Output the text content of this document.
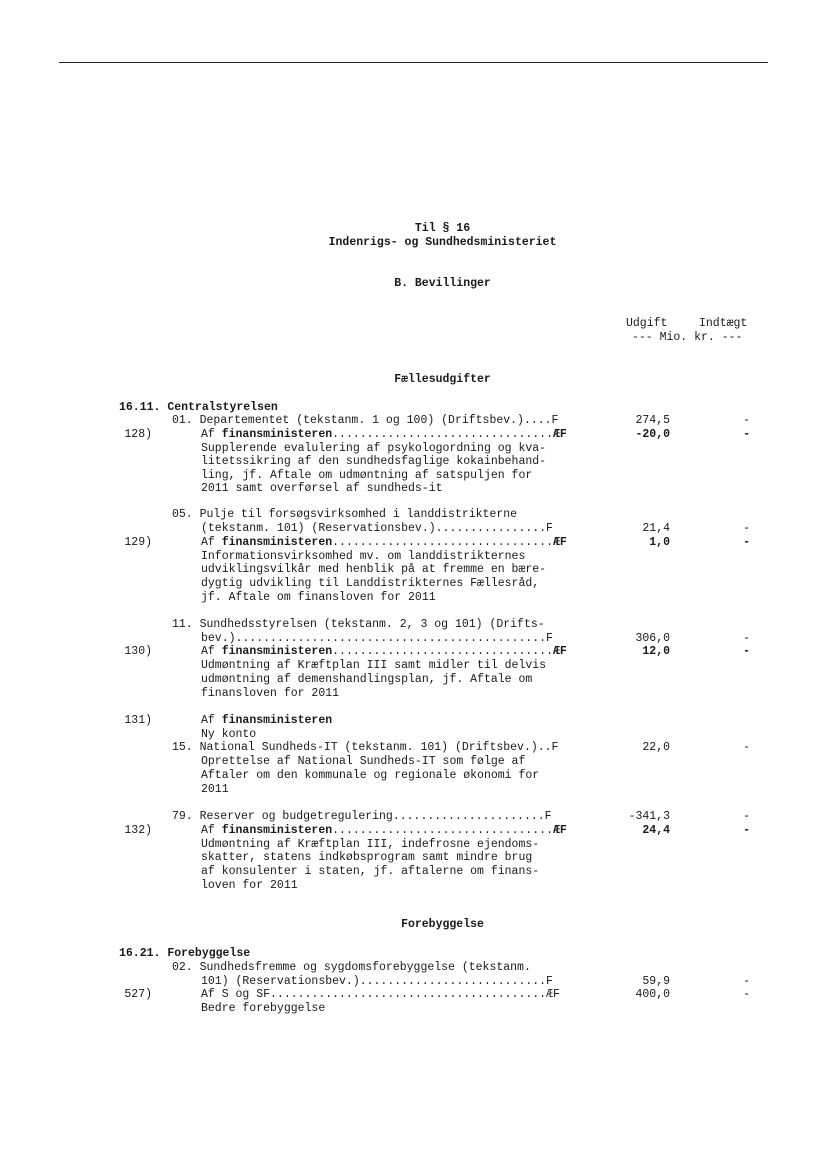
Til § 16
Indenrigs- og Sundhedsministeriet
B. Bevillinger
Udgift	Indtægt
--- Mio. kr. ---
Fællesudgifter
16.11. Centralstyrelsen
01. Departementet (tekstanm. 1 og 100) (Driftsbev.)....F	274,5	-
128)	Af finansministeren................................ÆF	-20,0	-
Supplerende evalulering af psykologordning og kva-
litetssikring af den sundhedsfaglige kokainbehand-
ling, jf. Aftale om udmøntning af satspuljen for
2011 samt overførsel af sundheds-it
05. Pulje til forsøgsvirksomhed i landdistrikterne
(tekstanm. 101) (Reservationsbev.)................F	21,4	-
129)	Af finansministeren................................ÆF	1,0	-
Informationsvirksomhed mv. om landdistrikternes
udviklingsvilkår med henblik på at fremme en bære-
dygtig udvikling til Landdistrikternes Fællesråd,
jf. Aftale om finansloven for 2011
11. Sundhedsstyrelsen (tekstanm. 2, 3 og 101) (Drifts-
bev.).............................................F	306,0	-
130)	Af finansministeren................................ÆF	12,0	-
Udmøntning af Kræftplan III samt midler til delvis
udmøntning af demenshandlingsplan, jf. Aftale om
finansloven for 2011
131)	Af finansministeren
Ny konto
15. National Sundheds-IT (tekstanm. 101) (Driftsbev.)..F	22,0	-
Oprettelse af National Sundheds-IT som følge af
Aftaler om den kommunale og regionale økonomi for
2011
79. Reserver og budgetregulering......................F	-341,3	-
132)	Af finansministeren................................ÆF	24,4	-
Udmøntning af Kræftplan III, indefrosne ejendoms-
skatter, statens indkøbsprogram samt mindre brug
af konsulenter i staten, jf. aftalerne om finans-
loven for 2011
Forebyggelse
16.21. Forebyggelse
02. Sundhedsfremme og sygdomsforebyggelse (tekstanm.
101) (Reservationsbev.)...........................F	59,9	-
527)	Af S og SF........................................ÆF	400,0	-
Bedre forebyggelse
